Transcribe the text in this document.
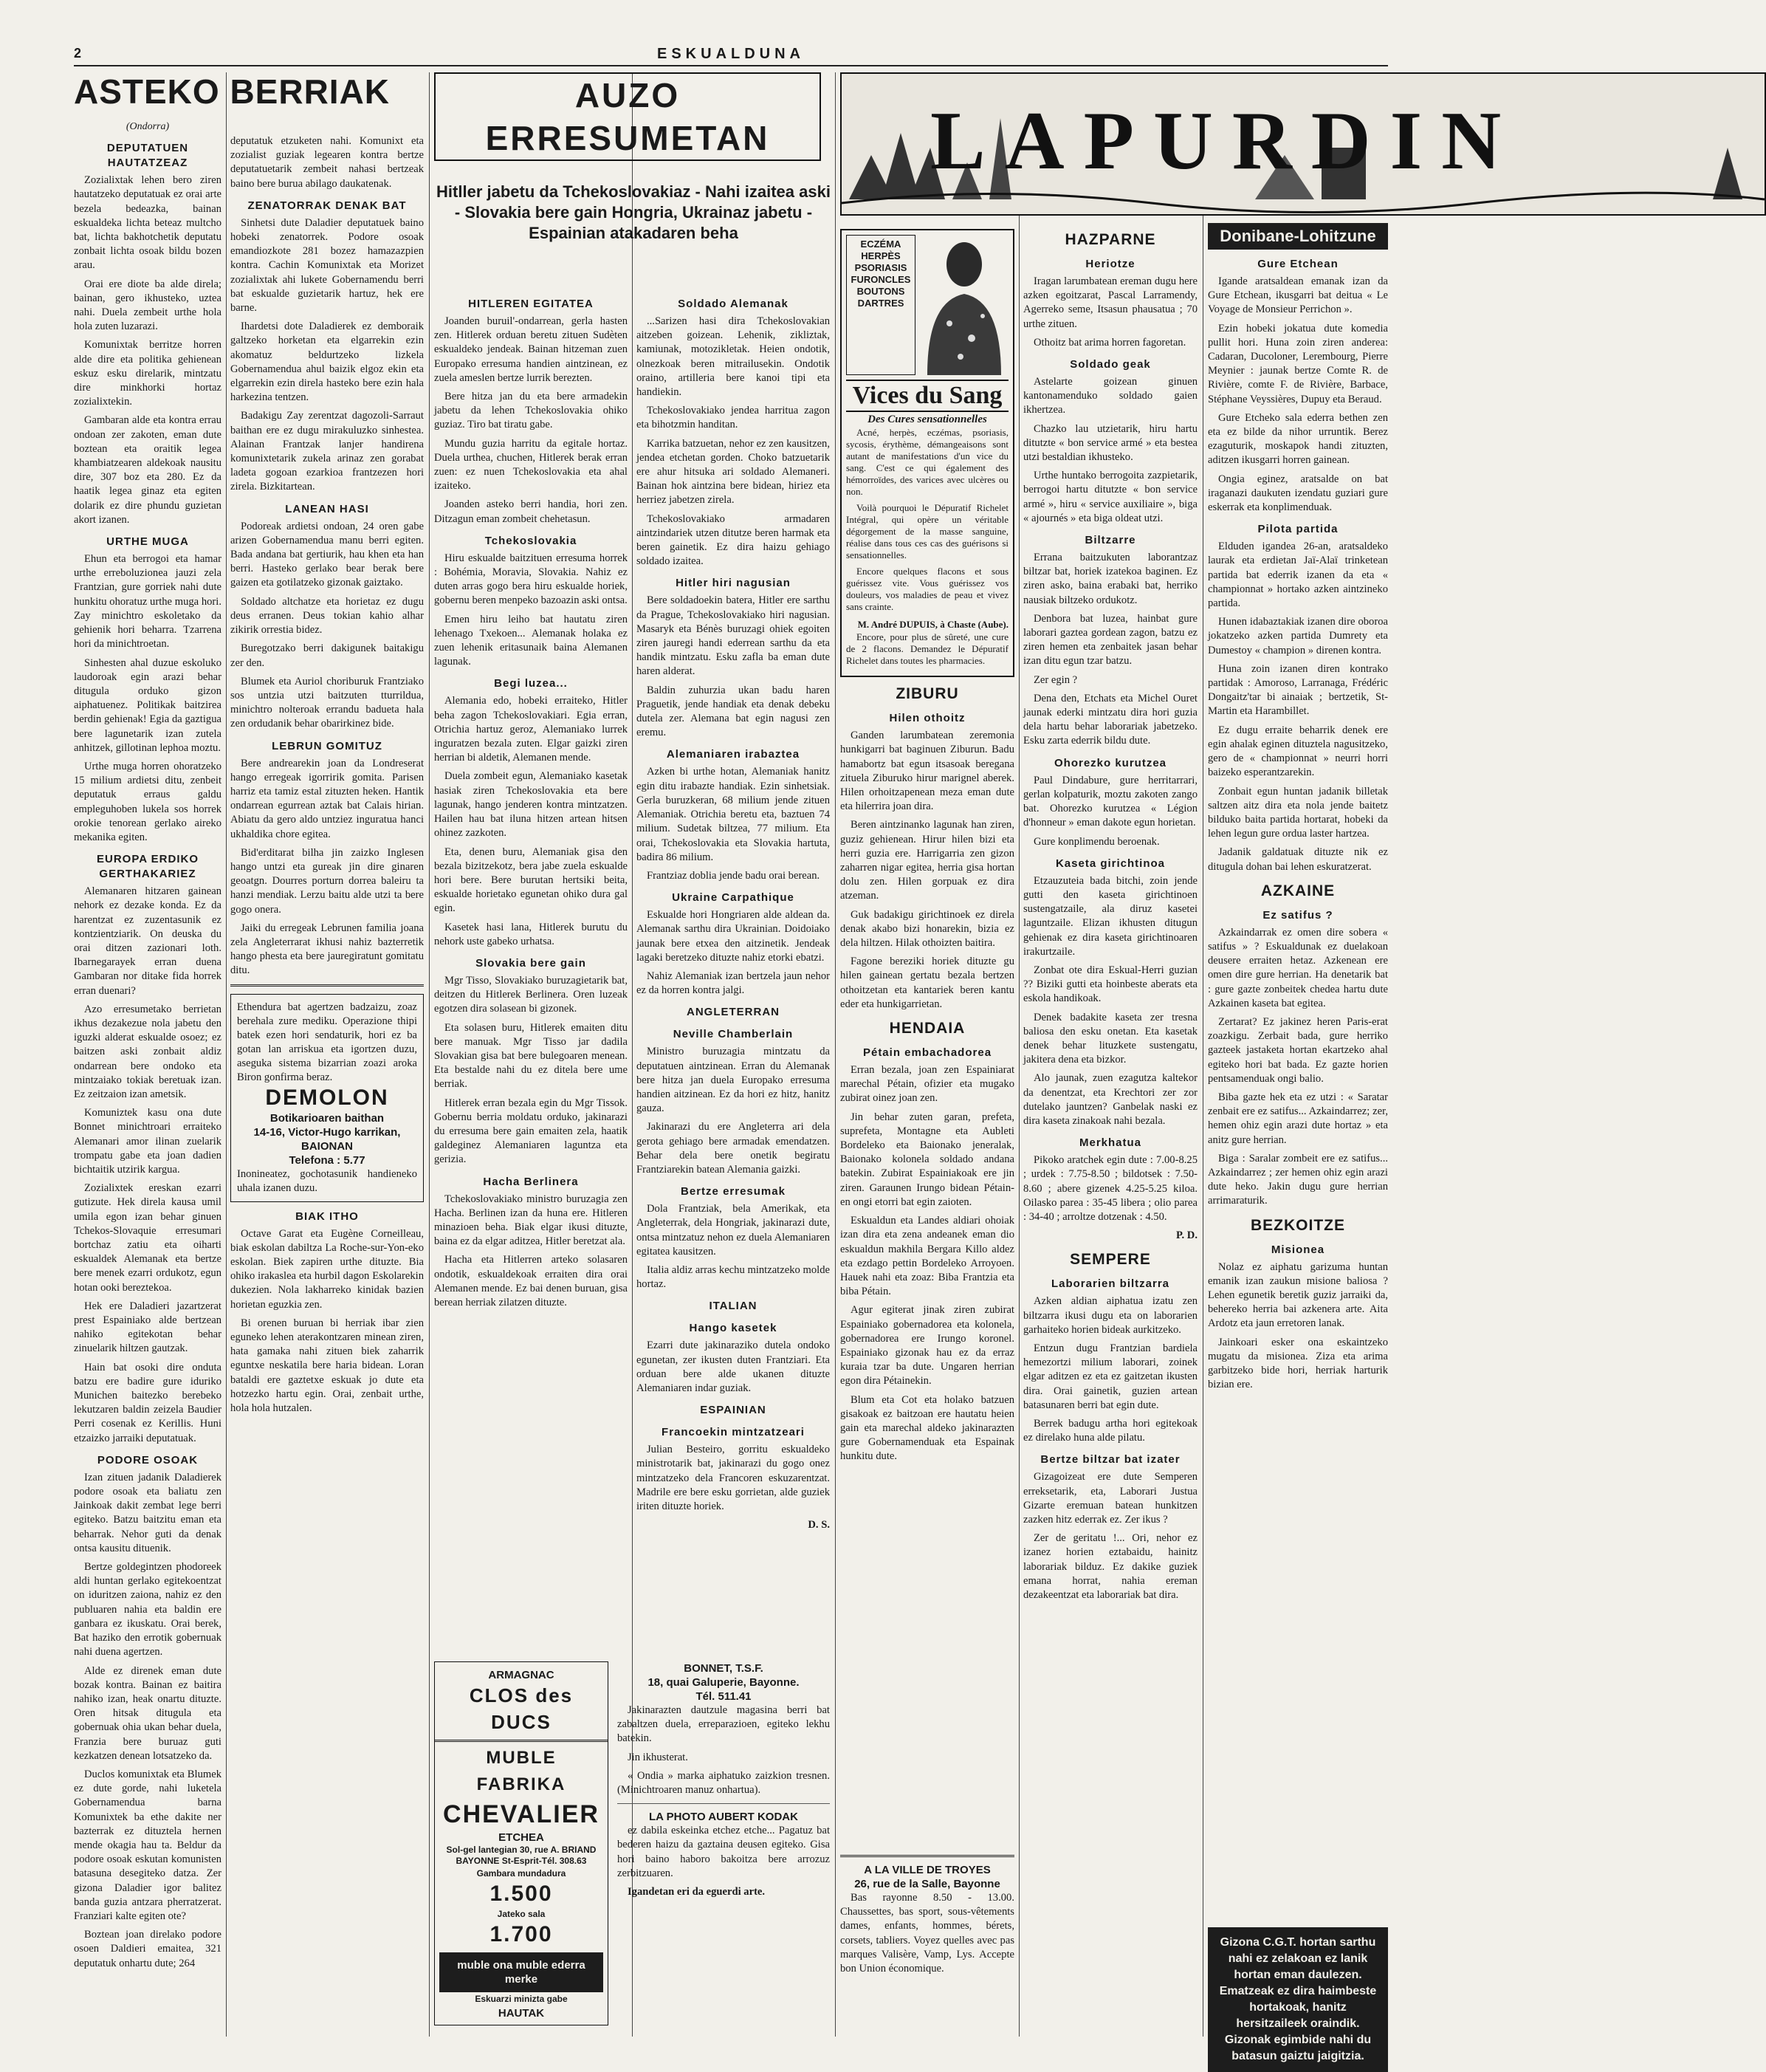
2	ESKUALDUNA
ASTEKO BERRIAK
(Ondorra)
DEPUTATUEN HAUTATZEAZ

Zozialixtak lehen bero ziren hautatzeko deputatuak ez orai arte bezela bedeazka, bainan eskualdeka lichta beteaz multcho bat, lichta bakhotchetik deputatu zonbait lichta osoak bildu bozen arau.

Orai ere diote ba alde direla; bainan, gero ikhusteko, uztea nahi. Duela zembeit urthe hola hola zuten luzarazi.

Komunixtak berritze horren alde dire eta politika gehienean eskuz esku direlarik, mintzatu dire minkhorki hortaz zozialixtekin.

Gambaran alde eta kontra errau ondoan zer zakoten, eman dute boztean eta oraitik legea khambiatzearen aldekoak nausitu dire, 307 boz eta 280. Ez da haatik legea ginaz eta egiten dolarik ez dire phundu guzietan akort izanen.

URTHE MUGA

Ehun eta berrogoi eta hamar urthe erreboluzionea jauzi zela Frantzian, gure gorriek nahi dute hunkitu ohoratuz urthe muga hori. Zay minichtro eskoletako da gehienik hori beharra. Tzarrena hori da minichtroetan.

Sinhesten ahal duzue eskoluko laudoroak egin arazi behar ditugula orduko gizon aiphatuenez. Politikak baitzirea berdin gehienak! Egia da gaztigua bere lagunetarik izan zutela anhitzek, gillotinan lephoa moztu.

Urthe muga horren ohoratzeko 15 milium ardietsi ditu, zenbeit deputatuk erraus galdu empleguhoben lukela sos horrek orokie tenorean gerlako aireko mekanika egiten.

EUROPA ERDIKO GERTHAKARIEZ

Alemanaren hitzaren gainean nehork ez dezake konda. Ez da harentzat ez zuzentasunik ez kontzientziarik. On deuska du orai ditzen zazionari loth. Ibarnegarayek erran duena Gambaran nor ditake fida horrek erran duenari?

Azo erresumetako berrietan ikhus dezakezue nola jabetu den iguzki alderat eskualde osoez; ez baitzen aski zonbait aldiz ondarrean bere ondoko eta mintzaiako tokiak beretuak izan. Ez zeitzaion izan ametsik.

Komuniztek kasu ona dute Bonnet minichtroari erraiteko Alemanari amor ilinan zuelarik trompatu gabe eta joan dadien bichtaitik utzirik kargua.

Zozialixtek ereskan ezarri gutizute. Hek direla kausa umil umila egon izan behar ginuen Tchekos-Slovaquie erresumari bortchaz zatiu eta oiharti eskualdek Alemanak eta bertze bere menek ezarri ordukotz, egun hotan ooki bereztekoa.

Hek ere Daladieri jazartzerat prest Espainiako alde bertzean nahiko egitekotan behar zinuelarik hiltzen gautzak.

Hain bat osoki dire onduta batzu ere badire gure iduriko Munichen baitezko berebeko lekutzaren baldin zeizela Baudier Perri cosenak ez Kerillis. Huni etzaizko jarraiki deputatuak.

PODORE OSOAK

Izan zituen jadanik Daladierek podore osoak eta baliatu zen Jainkoak dakit zembat lege berri egiteko. Batzu baitzitu eman eta beharrak. Nehor guti da denak ontsa kausitu dituenik.

Bertze goldegintzen phodoreek aldi huntan gerlako egitekoentzat on iduritzen zaiona, nahiz ez den publuaren nahia eta baldin ere ganbara ez ikuskatu. Orai berek, Bat haziko den errotik gobernuak nahi duena agertzen.

Alde ez direnek eman dute bozak kontra. Bainan ez baitira nahiko izan, heak onartu dituzte. Oren hitsak ditugula eta gobernuak ohia ukan behar duela, Franzia bere buruaz guti kezkatzen denean lotsatzeko da.

Duclos komunixtak eta Blumek ez dute gorde, nahi luketela Gobernamendua barna Komunixtek ba ethe dakite ner bazterrak ez dituztela hernen mende okagia hau ta. Beldur da podore osoak eskutan komunisten batasuna desegiteko datza. Zer gizona Daladier igor balitez banda guzia antzara pherratzerat. Franziari kalte egiten ote?

Boztean joan direlako podore osoen Daldieri emaitea, 321 deputatuk onhartu dute; 264

deputatuk etzuketen nahi. Komunixt eta zozialist guziak legearen kontra bertze deputatuetarik zembeit nahasi bertzeak baino bere burua abilago daukatenak.

ZENATORRAK DENAK BAT

Sinhetsi dute Daladier deputatuek baino hobeki zenatorrek. Podore osoak emandiozkote 281 bozez hamazazpien kontra. Cachin Komunixtak eta Morizet zozialixtak ahi lukete Gobernamendu berri bat eskualde guzietarik hartuz, hek ere barne.

Ihardetsi dote Daladierek ez demboraik galtzeko horketan eta elgarrekin ezin akomatuz beldurtzeko lizkela Gobernamendua ahul baizik elgoz ekin eta elgarrekin ezin direla hasteko bere ezin hala harkezina tentzen.

Badakigu Zay zerentzat dagozoli-Sarraut baithan ere ez dugu mirakuluzko sinhestea. Alainan Frantzak lanjer handirena komunixtetarik zukela arinaz zen gorabat ladeta gogoan ezarkioa frantzezen hori zirela. Bizkitartean.

LANEAN HASI

Podoreak ardietsi ondoan, 24 oren gabe arizen Gobernamendua manu berri egiten. Bada andana bat gertiurik, hau khen eta han berri. Hasteko gerlako bear berak bere gaizen eta gotilatzeko gizonak gaiztako.

Soldado altchatze eta horietaz ez dugu deus erranen. Deus tokian kahio alhar zikirik orrestia bidez.

Buregotzako berri dakigunek baitakigu zer den.

Blumek eta Auriol choriburuk Frantziako sos untzia utzi baitzuten tturrildua, minichtro nolteroak errandu badueta hala zen ordudanik behar obarirkinez bide.

LEBRUN GOMITUZ

Bere andrearekin joan da Londreserat hango erregeak igorririk gomita. Parisen harriz eta tamiz estal zituzten heken. Hantik ondarrean egurrean aztak bat Calais hirian. Abiatu da gero aldo untziez inguratua hanci ukhaldika chore egitea.

Bid'erditarat bilha jin zaizko Inglesen hango untzi eta gureak jin dire ginaren geoatgn. Dourres porturn dorrea baleiru ta hanzi mendiak. Lerzu baitu alde utzi ta bere gogo onera.

Jaiki du erregeak Lebrunen familia joana zela Angleterrarat ikhusi nahiz bazterretik hango phesta eta bere jauregiratunt gomitatu ditu.

Ethendura bat agertzen badzaizu, zoaz berehala zure mediku. Operazione thipi batek ezen hori sendaturik, hori ez ba gotan lan arriskua eta igortzen duzu, aseguka sistema bizarrian zoazi aroka Biron gonfirma beraz.
DEMOLON
Botikarioaren baithan
14-16, Victor-Hugo karrikan,
BAIONAN
Telefona : 5.77
Inonineatez, gochotasunik handieneko uhala izanen duzu.
BIAK ITHO

Octave Garat eta Eugène Corneilleau, biak eskolan dabiltza La Roche-sur-Yon-eko eskolan. Biek zapiren urthe dituzte. Bia ohiko irakaslea eta hurbil dagon Eskolarekin dukezien. Nola lakharreko kinidak bazien horietan eguzkia zen.

Bi orenen buruan bi herriak ibar zien eguneko lehen aterakontzaren minean ziren, hata gamaka nahi zituen biek zaharrik eguntxe neskatila bere haria bidean. Loran bataldi ere gaztetxe eskuak jo dute eta hotzezko hartu egin. Orai, zenbait urthe, hola hola hutzalen.

AUZO ERRESUMETAN
Hitller jabetu da Tchekoslovakiaz - Nahi izaitea aski - Slovakia bere gain Hongria, Ukrainaz jabetu - Espainian atakadaren beha
HITLEREN EGITATEA

Joanden buruil'-ondarrean, gerla hasten zen. Hitlerek orduan beretu zituen Sudèten eskualdeko jendeak. Bainan hitzeman zuen Europako erresuma handien aintzinean, ez zuela ameslen bertze lurrik berezten.

Bere hitza jan du eta bere armadekin jabetu da lehen Tchekoslovakia ohiko guziaz. Tiro bat tiratu gabe.

Mundu guzia harritu da egitale hortaz. Duela urthea, chuchen, Hitlerek berak erran zuen: ez nuen Tchekoslovakia eta ahal izaiteko.

Joanden asteko berri handia, hori zen. Ditzagun eman zombeit chehetasun.

Tchekoslovakia

Hiru eskualde baitzituen erresuma horrek : Bohémia, Moravia, Slovakia. Nahiz ez duten arras gogo bera hiru eskualde horiek, gobernu beren menpeko bazoazin aski ontsa.

Emen hiru leiho bat hautatu ziren lehenago Txekoen... Alemanak holaka ez zuen lehenik eritasunaik baina Alemanen lagunak.

Begi luzea...

Alemania edo, hobeki erraiteko, Hitler beha zagon Tchekoslovakiari. Egia erran, Otrichia hartuz geroz, Alemaniako lurrek inguratzen bezala zuten. Elgar gaizki ziren herrian bi aldetik, Alemanen mende.

Duela zombeit egun, Alemaniako kasetak hasiak ziren Tchekoslovakia eta bere lagunak, hango jenderen kontra mintzatzen. Hailen hau bat iluna hitzen artean hitsen ohinez zazkoten.

Eta, denen buru, Alemaniak gisa den bezala bizitzekotz, bera jabe zuela eskualde hori bere. Bere burutan hertsiki beita, eskualde horietako egunetan ohiko dura gal egin.

Kasetek hasi lana, Hitlerek burutu du nehork uste gabeko urhatsa.

Slovakia bere gain

Mgr Tisso, Slovakiako buruzagietarik bat, deitzen du Hitlerek Berlinera. Oren luzeak egotzen dira solasean bi gizonek.

Eta solasen buru, Hitlerek emaiten ditu bere manuak. Mgr Tisso jar dadila Slovakian gisa bat bere bulegoaren menean. Eta bestalde nahi du ez ditela bere ume berriak.

Hitlerek erran bezala egin du Mgr Tissok. Gobernu berria moldatu orduko, jakinarazi du erresuma bere gain emaiten zela, haatik galdeginez Alemaniaren laguntza eta gerizia.

Hacha Berlinera

Tchekoslovakiako ministro buruzagia zen Hacha. Berlinen izan da huna ere. Hitleren minazioen beha. Biak elgar ikusi dituzte, baina ez da elgar aditzea, Hitler beretzat ala.

Hacha eta Hitlerren arteko solasaren ondotik, eskualdekoak erraiten dira orai Alemanen mende. Ez bai denen buruan, gisa berean herriak zilatzen dituzte.

Soldado Alemanak

...Sarizen hasi dira Tchekoslovakian aitzeben goizean. Lehenik, zikliztak, kamiunak, motozikletak. Heien ondotik, olnezkoak beren mitrailusekin. Ondotik oraino, artilleria bere kanoi tipi eta handiekin.

Tchekoslovakiako jendea harritua zagon eta bihotzmin handitan.

Karrika batzuetan, nehor ez zen kausitzen, jendea etchetan gorden. Choko batzuetarik ere ahur hitsuka ari soldado Alemaneri. Bainan hok aintzina bere bidean, hiriez eta herriez jabetzen zirela.

Tchekoslovakiako armadaren aintzindariek utzen ditutze beren harmak eta beren gainetik. Ez dira haizu gehiago soldado izaitea.

Hitler hiri nagusian

Bere soldadoekin batera, Hitler ere sarthu da Prague, Tchekoslovakiako hiri nagusian. Masaryk eta Bénès buruzagi ohiek egoiten ziren jauregi handi ederrean sarthu da eta handik mintzatu. Esku zafla ba eman dute haren alderat.

Baldin zuhurzia ukan badu haren Praguetik, jende handiak eta denak debeku dutela zer. Alemana bat egin nagusi zen eremu.

Alemaniaren irabaztea

Azken bi urthe hotan, Alemaniak hanitz egin ditu irabazte handiak. Ezin sinhetsiak. Gerla buruzkeran, 68 milium jende zituen Alemaniak. Otrichia beretu eta, baztuen 74 milium. Sudetak biltzea, 77 milium. Eta orai, Tchekoslovakia eta Slovakia hartuta, badira 86 milium.

Frantziaz doblia jende badu orai berean.

Ukraine Carpathique

Eskualde hori Hongriaren alde aldean da. Alemanak sarthu dira Ukrainian. Doidoiako jaunak bere etxea den aitzinetik. Jendeak lagaki beretzeko dituzte nahiz etorki ebatzi.

Nahiz Alemaniak izan bertzela jaun nehor ez da horren kontra jalgi.

ANGLETERRAN
Neville Chamberlain

Ministro buruzagia mintzatu da deputatuen aintzinean. Erran du Alemanak bere hitza jan duela Europako erresuma handien aitzinean. Ez da hori ez hitz, hanitz gauza.

Jakinarazi du ere Angleterra ari dela gerota gehiago bere armadak emendatzen. Behar dela bere onetik begiratu Frantziarekin batean Alemania gaizki.

Bertze erresumak

Dola Frantziak, bela Amerikak, eta Angleterrak, dela Hongriak, jakinarazi dute, ontsa mintzatuz nehon ez duela Alemaniaren egitatea kausitzen.

Italia aldiz arras kechu mintzatzeko molde hortaz.

ITALIAN
Hango kasetek

Ezarri dute jakinaraziko dutela ondoko egunetan, zer ikusten duten Frantziari. Eta orduan bere alde ukanen dituzte Alemaniaren indar guziak.

ESPAINIAN
Francoekin mintzatzeari

Julian Besteiro, gorritu eskualdeko ministrotarik bat, jakinarazi du gogo onez mintzatzeko dela Francoren eskuzarentzat. Madrile ere bere esku gorrietan, alde guziek iriten dituzte horiek.

D. S.
ARMAGNAC
CLOS des DUCS
BONNET, T.S.F.
18, quai Galuperie, Bayonne.
Tél. 511.41

Jakinarazten dautzule magasina berri bat zabaltzen duela, erreparazioen, egiteko lekhu batekin.

Jin ikhusterat.

« Ondia » marka aiphatuko zaizkion tresnen. (Minichtroaren manuz onhartua).

LA PHOTO AUBERT KODAK

ez dabila eskeinka etchez etche... Pagatuz bat bederen haizu da gaztaina deusen egiteko. Gisa hori baino haboro bakoitza bere arrozuz zerbitzuaren.

Igandetan eri da eguerdi arte.

LAPURDIN
ECZÉMA HERPÈS PSORIASIS FURONCLES BOUTONS DARTRES
Vices du Sang
Des Cures sensationnelles

Acné, herpès, eczémas, psoriasis, sycosis, érythème, démangeaisons sont autant de manifestations d'un vice du sang. C'est ce qui également des hémorroïdes, des varices avec ulcères ou non.

Voilà pourquoi le Dépuratif Richelet Intégral, qui opère un véritable dégorgement de la masse sanguine, réalise dans tous ces cas des guérisons si sensationnelles.

Encore quelques flacons et sous guérissez vite. Vous guérissez vos douleurs, vos maladies de peau et vivez sans crainte.

M. André DUPUIS, à Chaste (Aube).

Encore, pour plus de sûreté, une cure de 2 flacons. Demandez le Dépuratif Richelet dans toutes les pharmacies.

ZIBURU
Hilen othoitz

Ganden larumbatean zeremonia hunkigarri bat baginuen Ziburun. Badu hamabortz bat egun itsasoak beregana zituela Ziburuko hirur marignel aberek. Hilen orhoitzapenean meza eman dute eta hilerrira joan dira.

Beren aintzinanko lagunak han ziren, guziz gehienean. Hirur hilen bizi eta herri guzia ere. Harrigarria zen gizon zaharren nigar egitea, herria gisa hortan dolu zen. Hilen gorpuak ez dira atzeman.

Guk badakigu girichtinoek ez direla denak akabo bizi honarekin, bizia ez dela hiltzen. Hilak othoizten baitira.

Fagone bereziki horiek dituzte gu hilen gainean gertatu bezala bertzen othoitzetan eta kantariek beren kantu eder eta hunkigarrietan.

HENDAIA
Pétain embachadorea

Erran bezala, joan zen Espainiarat marechal Pétain, ofizier eta mugako zubirat oinez joan zen.

Jin behar zuten garan, prefeta, suprefeta, Montagne eta Aubleti Bordeleko eta Baionako jeneralak, Baionako kolonela soldado andana batekin. Zubirat Espainiakoak ere jin ziren. Garaunen Irungo bidean Pétain-en ongi etorri bat egin zaioten.

Eskualdun eta Landes aldiari ohoiak izan dira eta zena andeanek eman dio eskualdun makhila Bergara Killo aldez eta ezdago pettin Bordeleko Arroyoen. Hauek nahi eta zoaz: Biba Frantzia eta biba Pétain.

Agur egiterat jinak ziren zubirat Espainiako gobernadorea eta kolonela, gobernadorea ere Irungo koronel. Espainiako gizonak hau ez da erraz kuraia tzar ba dute. Ungaren herrian egon dira Pétainekin.

Blum eta Cot eta holako batzuen gisakoak ez baitzoan ere hautatu heien gain eta marechal aldeko jakinarazten gure Gobernamenduak eta Espainak hunkitu dute.

MUBLE FABRIKA
CHEVALIER
ETCHEA
Sol-gel lantegian 30, rue A. BRIAND BAYONNE St-Esprit-Tél. 308.63
Gambara mundadura
1.500
Jateko sala
1.700
muble ona muble ederra merke
Eskuarzi minizta gabe
HAUTAK
A LA VILLE DE TROYES
26, rue de la Salle, Bayonne

Bas rayonne 8.50 - 13.00. Chaussettes, bas sport, sous-vêtements dames, enfants, hommes, bérets, corsets, tabliers. Voyez quelles avec pas marques Valisère, Vamp, Lys. Accepte bon Union économique.

HAZPARNE
Heriotze

Iragan larumbatean ereman dugu here azken egoitzarat, Pascal Larramendy, Agerreko seme, Itsasun phausatua ; 70 urthe zituen.

Othoitz bat arima horren fagoretan.

Soldado geak

Astelarte goizean ginuen kantonamenduko soldado gaien ikhertzea.

Chazko lau utzietarik, hiru hartu ditutzte « bon service armé » eta bestea utzi bestaldian ikhusteko.

Urthe huntako berrogoita zazpietarik, berrogoi hartu ditutzte « bon service armé », hiru « service auxiliaire », biga « ajournés » eta biga oldeat utzi.

Biltzarre

Errana baitzukuten laborantzaz biltzar bat, horiek izatekoa baginen. Ez ziren asko, baina erabaki bat, herriko nausiak biltzeko ordukotz.

Denbora bat luzea, hainbat gure laborari gaztea gordean zagon, batzu ez ziren hemen eta zenbaitek jasan behar izan ditu egun tzar batzu.

Zer egin ?

Dena den, Etchats eta Michel Ouret jaunak ederki mintzatu dira hori guzia dela hartu behar laborariak jabetzeko. Esku zarta ederrik bildu dute.

Ohorezko kurutzea

Paul Dindabure, gure herritarrari, gerlan kolpaturik, moztu zakoten zango bat. Ohorezko kurutzea « Légion d'honneur » eman dakote egun horietan.

Gure konplimendu beroenak.

Kaseta girichtinoa

Etzauzuteia bada bitchi, zoin jende gutti den kaseta girichtinoen sustengatzaile, ala diruz kasetei laguntzaile. Elizan ikhusten ditugun gehienak ez dira kaseta girichtinoaren irakurtzaile.

Zonbat ote dira Eskual-Herri guzian ?? Biziki gutti eta hoinbeste aberats eta eskola handikoak.

Denek badakite kaseta zer tresna baliosa den esku onetan. Eta kasetak denek behar lituzkete sustengatu, jakitera dena eta bizkor.

Alo jaunak, zuen ezagutza kaltekor da denentzat, eta Krechtori zer zor dutelako jauntzen? Ganbelak naski ez dira kaseta zinakoak nahi bezala.

Merkhatua

Pikoko aratchek egin dute : 7.00-8.25 ; urdek : 7.75-8.50 ; bildotsek : 7.50-8.60 ; abere gizenek 4.25-5.25 kiloa. Oilasko parea : 35-45 libera ; olio parea : 34-40 ; arroltze dotzenak : 4.50.

P. D.
SEMPERE
Laborarien biltzarra

Azken aldian aiphatua izatu zen biltzarra ikusi dugu eta on laborarien garhaiteko horien bideak aurkitzeko.

Entzun dugu Frantzian bardiela hemezortzi milium laborari, zoinek elgar aditzen ez eta ez gaitzetan ikusten dira. Orai gainetik, guzien artean batasunaren berri bat egin dute.

Berrek badugu artha hori egitekoak ez direlako huna alde pilatu.

Bertze biltzar bat izater

Gizagoizeat ere dute Semperen erreksetarik, eta, Laborari Justua Gizarte eremuan batean hunkitzen zazken hitz ederrak ez. Zer ikus ?

Zer de geritatu !... Ori, nehor ez izanez horien eztabaidu, hainitz laborariak bilduz. Ez dakike guziek emana horrat, nahia ereman dezakeentzat eta laborariak bat dira.

Donibane-Lohitzune
Gure Etchean

Igande aratsaldean emanak izan da Gure Etchean, ikusgarri bat deitua « Le Voyage de Monsieur Perrichon ».

Ezin hobeki jokatua dute komedia pullit hori. Huna zoin ziren anderea: Cadaran, Ducoloner, Lerembourg, Pierre Meynier : jaunak bertze Comte R. de Rivière, comte F. de Rivière, Barbace, Stéphane Veyssières, Dupuy eta Beraud.

Gure Etcheko sala ederra bethen zen eta ez bilde da nihor urruntik. Berez ezaguturik, moskapok handi zituzten, aditzen ikusgarri horren gainean.

Ongia eginez, aratsalde on bat iraganazi daukuten izendatu guziari gure eskerrak eta konplimenduak.

Pilota partida

Elduden igandea 26-an, aratsaldeko laurak eta erdietan Jaï-Alaï trinketean partida bat ederrik izanen da eta « championnat » hortako azken aintzineko partida.

Hunen idabaztakiak izanen dire oboroa jokatzeko azken partida Dumrety eta Dumestoy « champion » direnen kontra.

Huna zoin izanen diren kontrako partidak : Amoroso, Larranaga, Frédéric Dongaitz'tar bi ainaiak ; bertzetik, St-Martin eta Harambillet.

Ez dugu erraite beharrik denek ere egin ahalak eginen dituztela nagusitzeko, gero de « championnat » neurri horri baizeko esperantzarekin.

Zonbait egun huntan jadanik billetak saltzen aitz dira eta nola jende baitetz bilduko baita partida hortarat, hobeki da lehen legun gure ordua laster hartzea.

Jadanik galdatuak dituzte nik ez ditugula dohan bai lehen eskuratzerat.

AZKAINE
Ez satifus ?

Azkaindarrak ez omen dire sobera « satifus » ? Eskualdunak ez duelakoan deusere erraiten hetaz. Azkenean ere omen dire gure herrian. Ha denetarik bat : gure gazte zonbeitek chedea hartu dute Azkainen kaseta bat egitea.

Zertarat? Ez jakinez heren Paris-erat zoazkigu. Zerbait bada, gure herriko gazteek jastaketa hortan ekartzeko ahal egiteko hori bat bada. Ez gazte horien pentsamenduak ongi balio.

Biba gazte hek eta ez utzi : « Saratar zenbait ere ez satifus... Azkaindarrez; zer, hemen ohiz egin arazi dute hortaz » eta anitz gure herrian.

Biga : Saralar zombeit ere ez satifus... Azkaindarrez ; zer hemen ohiz egin arazi dute heko. Jakin dugu gure herrian arrimaraturik.

BEZKOITZE
Misionea

Nolaz ez aiphatu garizuma huntan emanik izan zaukun misione baliosa ? Lehen egunetik beretik guziz jarraiki da, behereko herria bai azkenera arte. Aita Ardotz eta jaun erretoren lanak.

Jainkoari esker ona eskaintzeko mugatu da misionea. Ziza eta arima garbitzeko bide hori, herriak harturik bizian ere.

Gizona C.G.T. hortan sarthu nahi ez zelakoan ez lanik hortan eman daulezen. Ematzeak ez dira haimbeste hortakoak, hanitz hersitzaileek oraindik. Gizonak egimbide nahi du batasun gaiztu jaigitzia.
